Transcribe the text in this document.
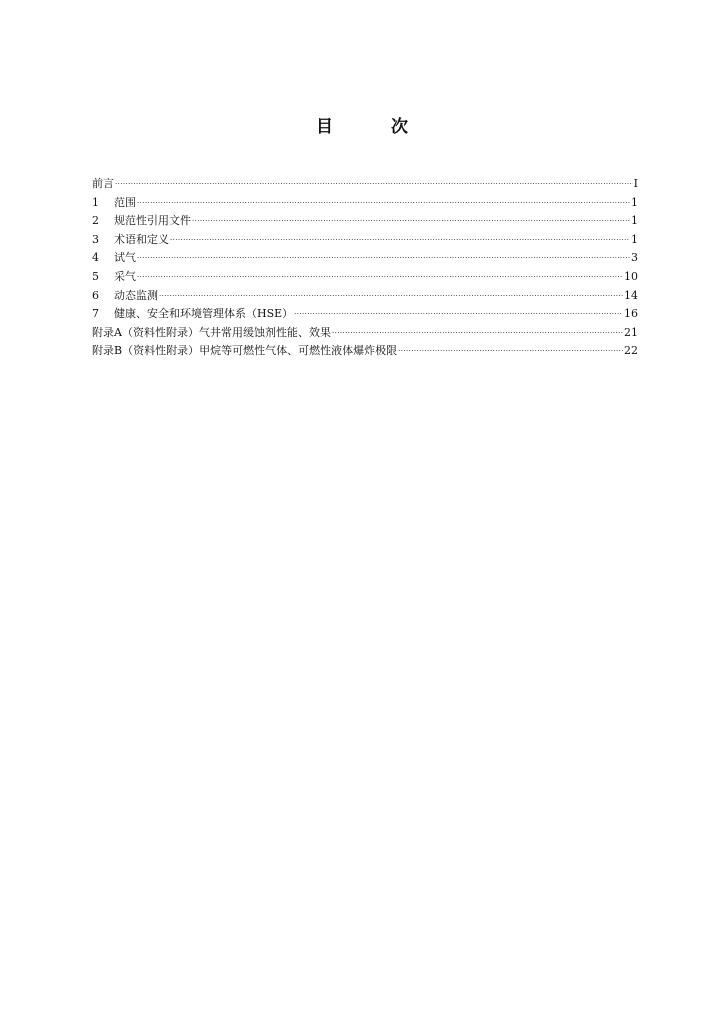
目 次
前言 ·····	I
1	范围 ·····	1
2	规范性引用文件 ·····	1
3	术语和定义 ·····	1
4	试气 ·····	3
5	采气 ·····	10
6	动态监测 ·····	14
7	健康、安全和环境管理体系（HSE） ·····	16
附录A（资料性附录）气井常用缓蚀剂性能、效果 ·····	21
附录B（资料性附录）甲烷等可燃性气体、可燃性液体爆炸极限 ·····	22
